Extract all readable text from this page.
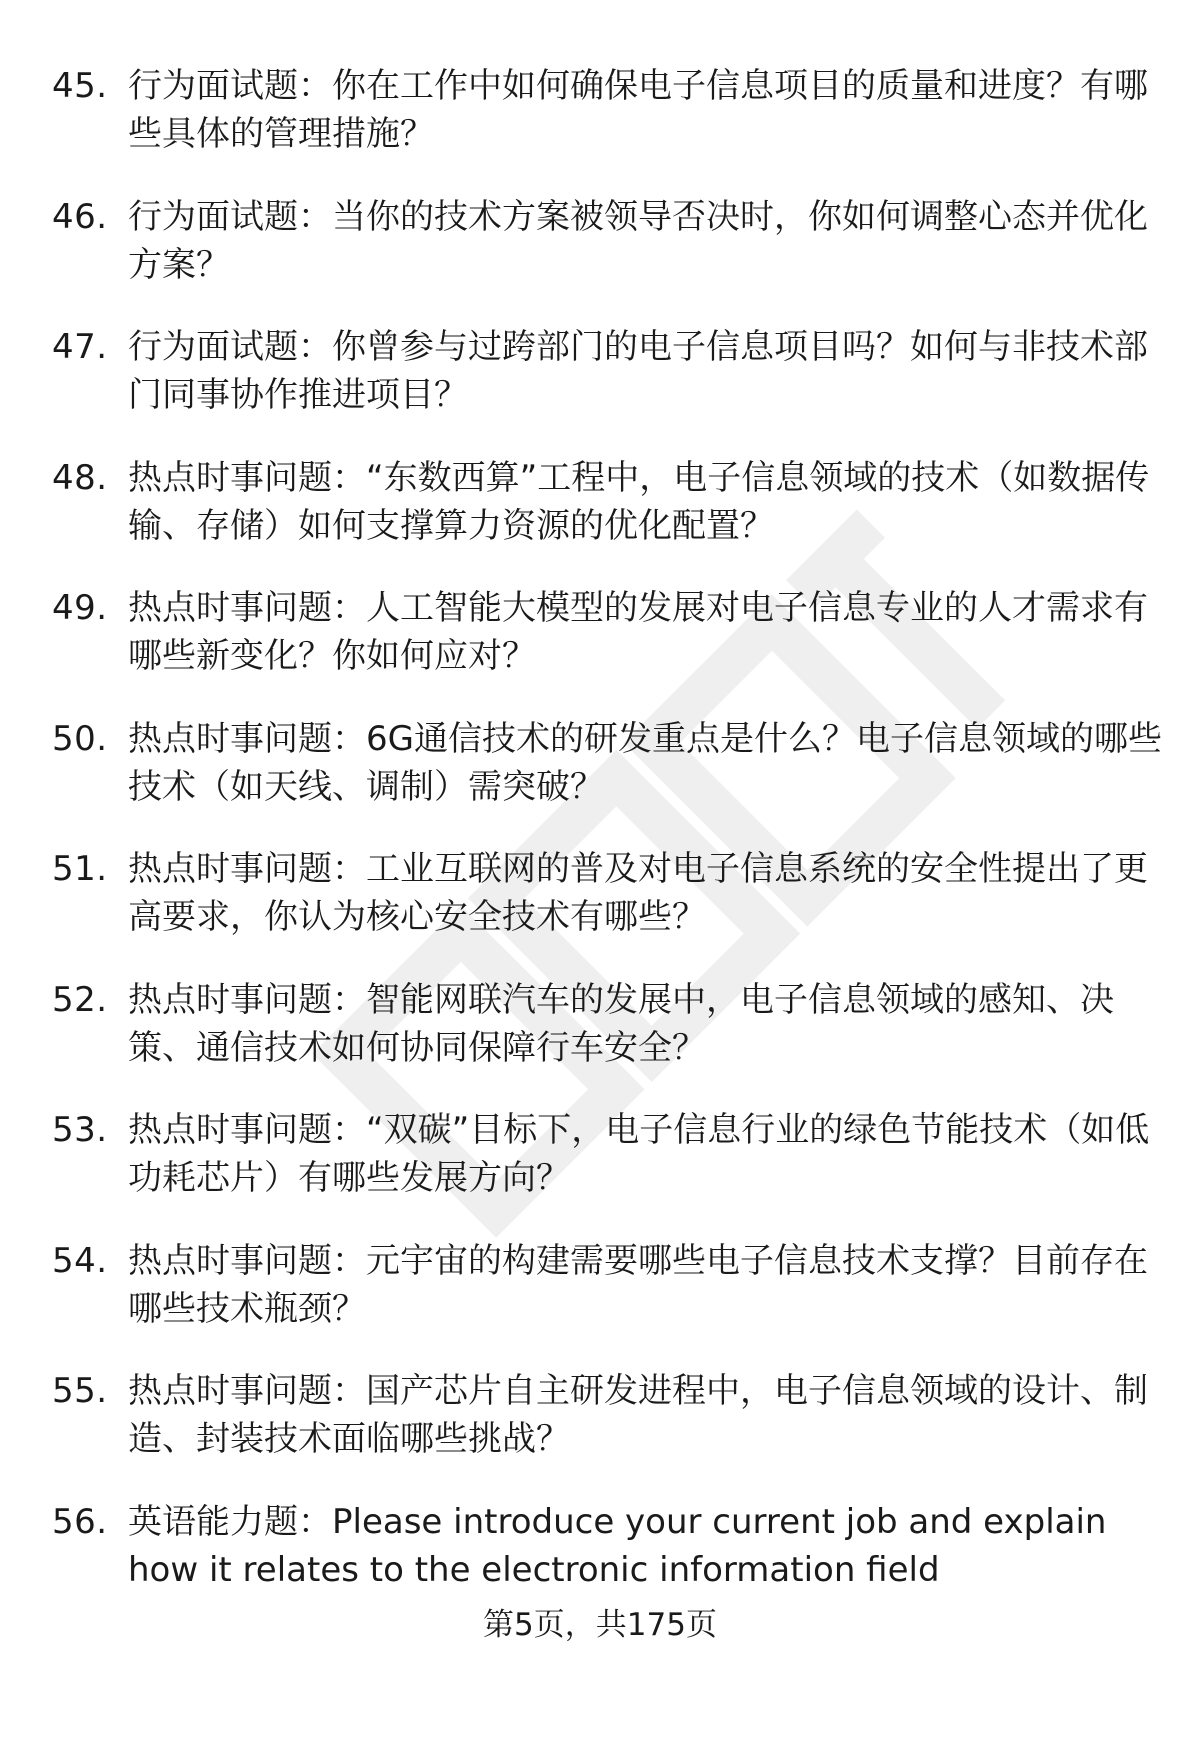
45. 行为面试题：你在工作中如何确保电子信息项目的质量和进度？有哪些具体的管理措施？
46. 行为面试题：当你的技术方案被领导否决时，你如何调整心态并优化方案？
47. 行为面试题：你曾参与过跨部门的电子信息项目吗？如何与非技术部门同事协作推进项目？
48. 热点时事问题：“东数西算”工程中，电子信息领域的技术（如数据传输、存储）如何支撑算力资源的优化配置？
49. 热点时事问题：人工智能大模型的发展对电子信息专业的人才需求有哪些新变化？你如何应对？
50. 热点时事问题：6G通信技术的研发重点是什么？电子信息领域的哪些技术（如天线、调制）需突破？
51. 热点时事问题：工业互联网的普及对电子信息系统的安全性提出了更高要求，你认为核心安全技术有哪些？
52. 热点时事问题：智能网联汽车的发展中，电子信息领域的感知、决策、通信技术如何协同保障行车安全？
53. 热点时事问题：“双碳”目标下，电子信息行业的绿色节能技术（如低功耗芯片）有哪些发展方向？
54. 热点时事问题：元宇宙的构建需要哪些电子信息技术支撑？目前存在哪些技术瓶颈？
55. 热点时事问题：国产芯片自主研发进程中，电子信息领域的设计、制造、封装技术面临哪些挑战？
56. 英语能力题：Please introduce your current job and explain how it relates to the electronic information field
第5页，共175页
